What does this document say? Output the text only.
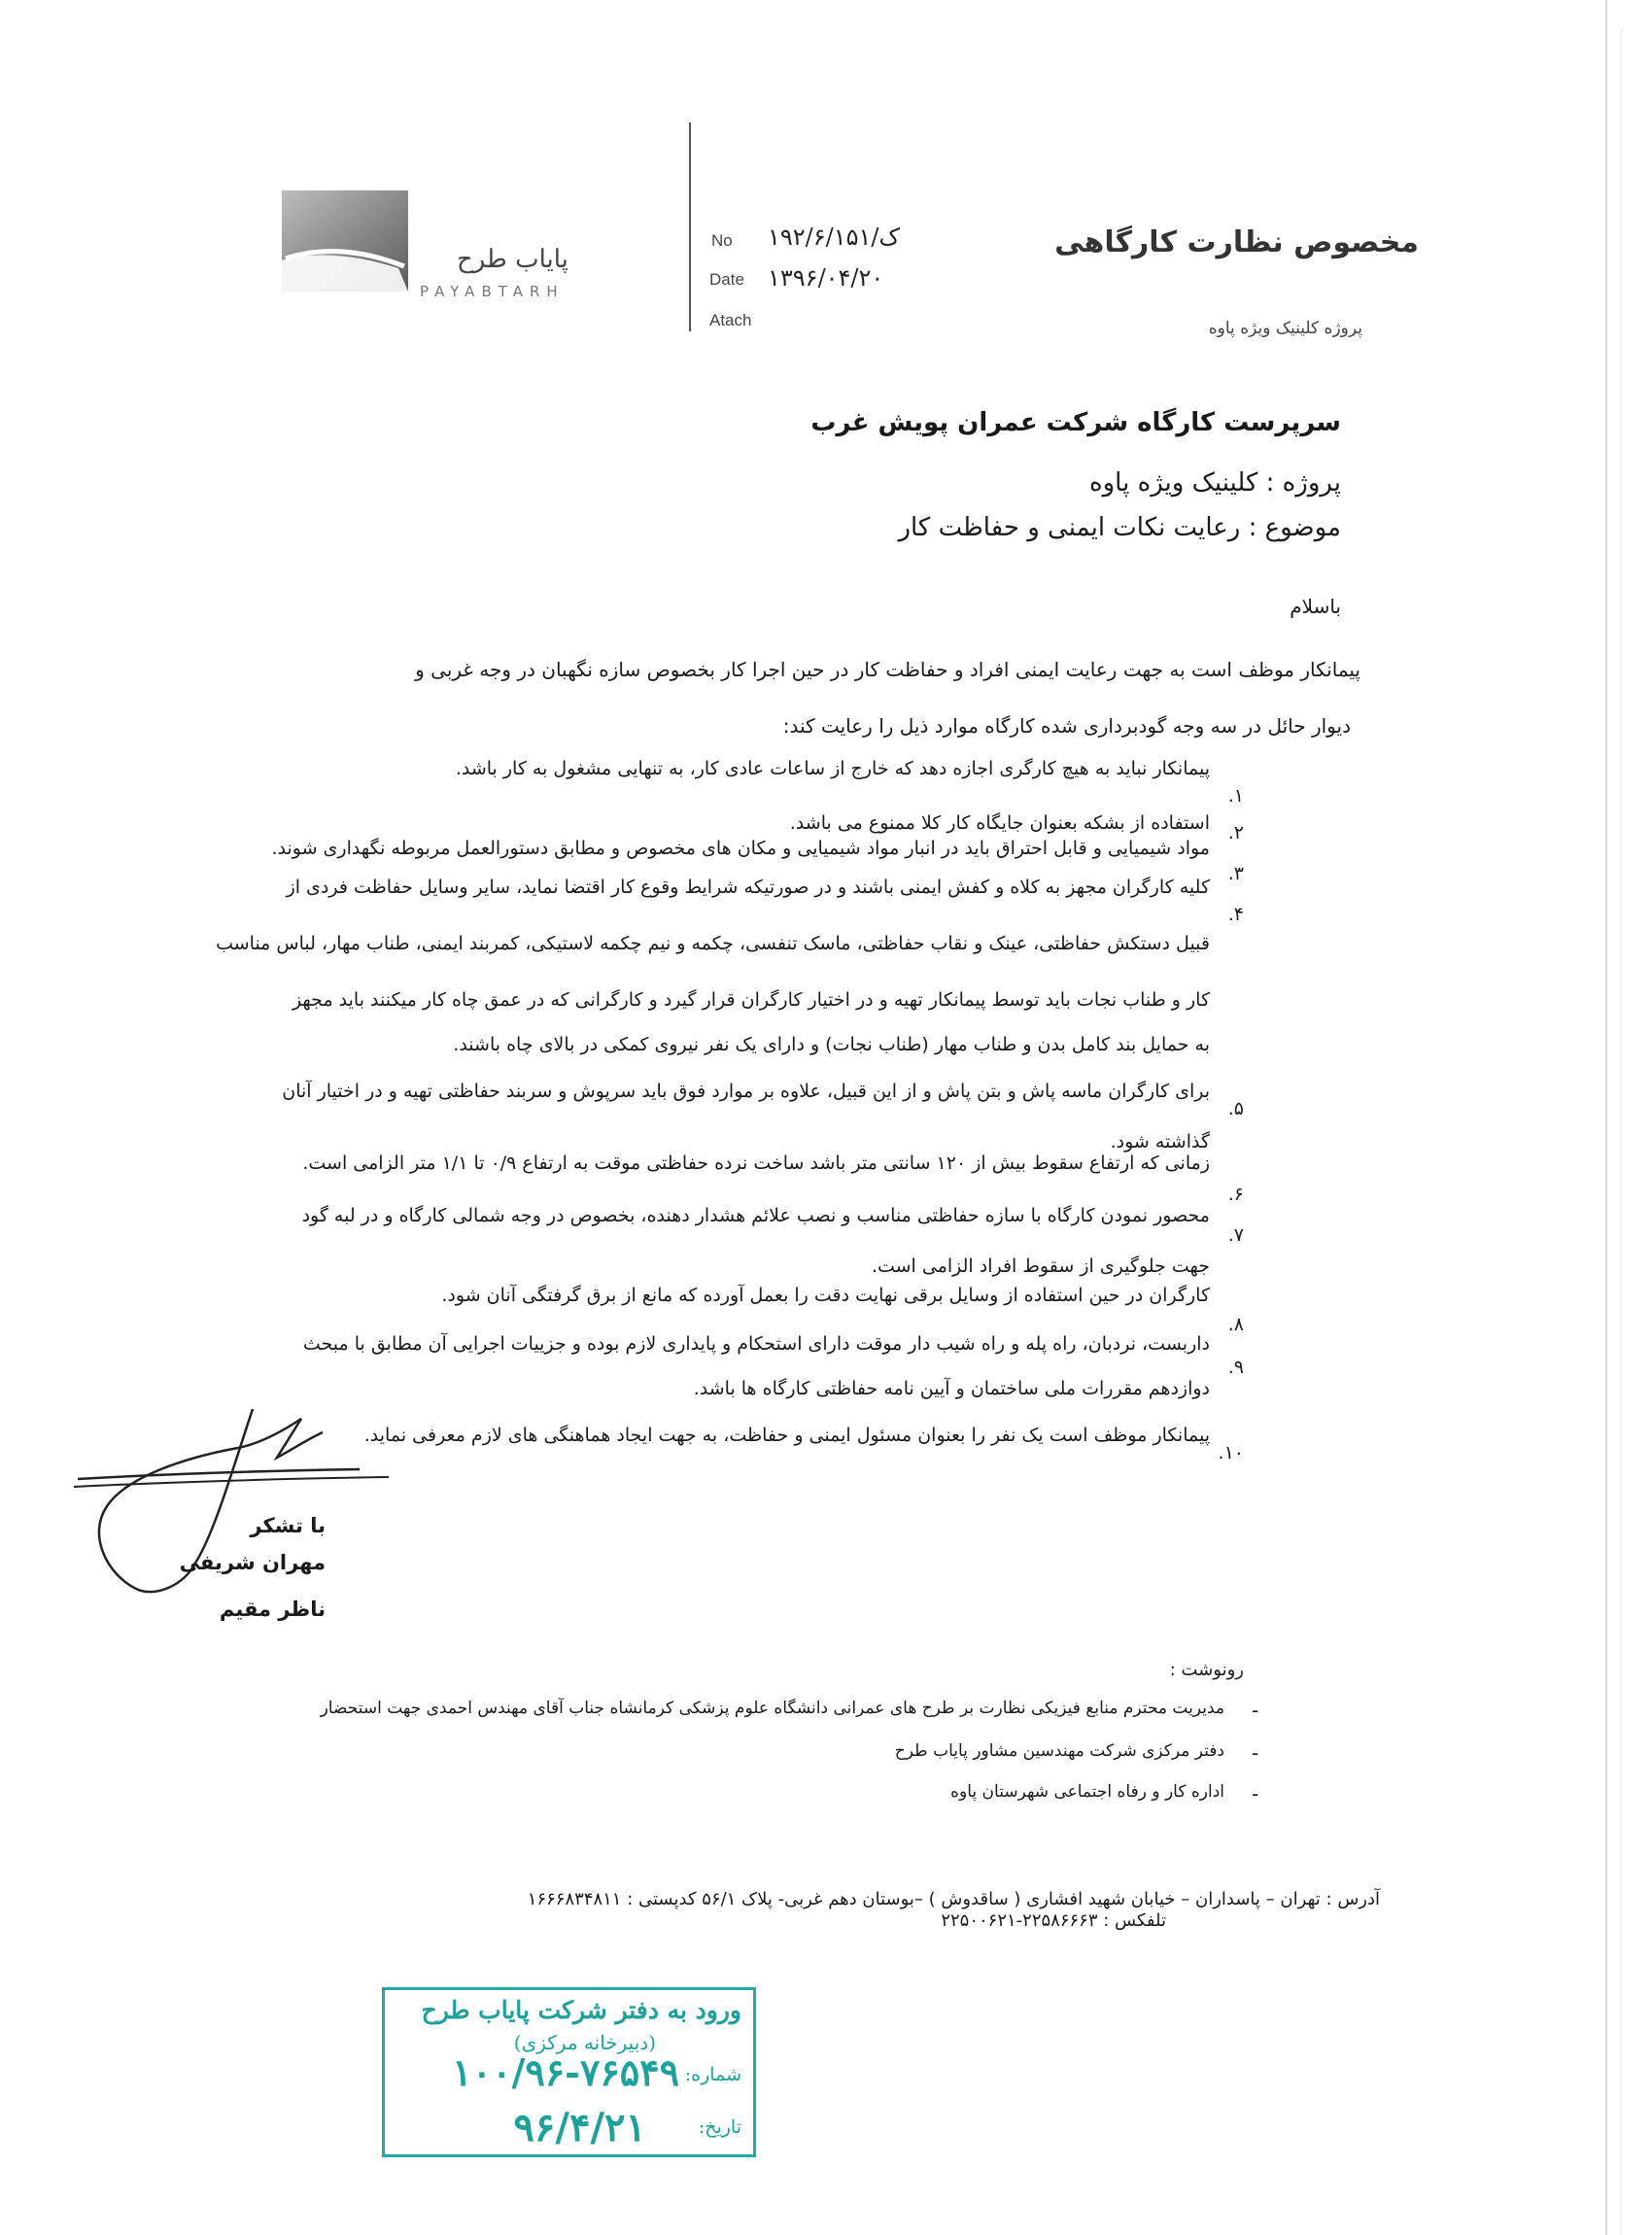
پایاب طرح
PAYABTARH
No ۱۹۲/۶/ک/۱۵۱
Date ۱۳۹۶/۰۴/۲۰
Atach
مخصوص نظارت کارگاهی
پروژه کلینیک ویژه پاوه
سرپرست کارگاه شرکت عمران پویش غرب
پروژه : کلینیک ویژه پاوه
موضوع : رعایت نکات ایمنی و حفاظت کار
باسلام
پیمانکار موظف است به جهت رعایت ایمنی افراد و حفاظت کار در حین اجرا کار بخصوص سازه نگهبان در وجه غربی و
دیوار حائل در سه وجه گودبرداری شده کارگاه موارد ذیل را رعایت کند:
۱.
پیمانکار نباید به هیچ کارگری اجازه دهد که خارج از ساعات عادی کار، به تنهایی مشغول به کار باشد.
۲.
استفاده از بشکه بعنوان جایگاه کار کلا ممنوع می باشد.
۳.
مواد شیمیایی و قابل احتراق باید در انبار مواد شیمیایی و مکان های مخصوص و مطابق دستورالعمل مربوطه نگهداری شوند.
۴.
کلیه کارگران مجهز به کلاه و کفش ایمنی باشند و در صورتیکه شرایط وقوع کار اقتضا نماید، سایر وسایل حفاظت فردی از
قبیل دستکش حفاظتی، عینک و نقاب حفاظتی، ماسک تنفسی، چکمه و نیم چکمه لاستیکی، کمربند ایمنی، طناب مهار، لباس مناسب
کار و طناب نجات باید توسط پیمانکار تهیه و در اختیار کارگران قرار گیرد و کارگرانی که در عمق چاه کار میکنند باید مجهز
به حمایل بند کامل بدن و طناب مهار (طناب نجات) و دارای یک نفر نیروی کمکی در بالای چاه باشند.
۵.
برای کارگران ماسه پاش و بتن پاش و از این قبیل، علاوه بر موارد فوق باید سرپوش و سربند حفاظتی تهیه و در اختیار آنان
گذاشته شود.
۶.
زمانی که ارتفاع سقوط بیش از ۱۲۰ سانتی متر باشد ساخت نرده حفاظتی موقت به ارتفاع ۰/۹ تا ۱/۱ متر الزامی است.
۷.
محصور نمودن کارگاه با سازه حفاظتی مناسب و نصب علائم هشدار دهنده، بخصوص در وجه شمالی کارگاه و در لبه گود
جهت جلوگیری از سقوط افراد الزامی است.
۸.
کارگران در حین استفاده از وسایل برقی نهایت دقت را بعمل آورده که مانع از برق گرفتگی آنان شود.
۹.
داربست، نردبان، راه پله و راه شیب دار موقت دارای استحکام و پایداری لازم بوده و جزییات اجرایی آن مطابق با مبحث
دوازدهم مقررات ملی ساختمان و آیین نامه حفاظتی کارگاه ها باشد.
۱۰.
پیمانکار موظف است یک نفر را بعنوان مسئول ایمنی و حفاظت، به جهت ایجاد هماهنگی های لازم معرفی نماید.
با تشکر
مهران شریفی
ناظر مقیم
رونوشت :
-
مدیریت محترم منابع فیزیکی نظارت بر طرح های عمرانی دانشگاه علوم پزشکی کرمانشاه جناب آقای مهندس احمدی جهت استحضار
-
دفتر مرکزی شرکت مهندسین مشاور پایاب طرح
-
اداره کار و رفاه اجتماعی شهرستان پاوه
آدرس : تهران – پاسداران – خیابان شهید افشاری ( ساقدوش ) –بوستان دهم غربی- پلاک ۵۶/۱ کدپستی : ۱۶۶۶۸۳۴۸۱۱
تلفکس : ۲۲۵۸۶۶۶۳-۲۲۵۰۰۶۲۱
ورود به دفتر شرکت پایاب طرح
(دبیرخانه مرکزی)
شماره:
۱۰۰/۹۶-۷۶۵۴۹
تاریخ:
۹۶/۴/۲۱
